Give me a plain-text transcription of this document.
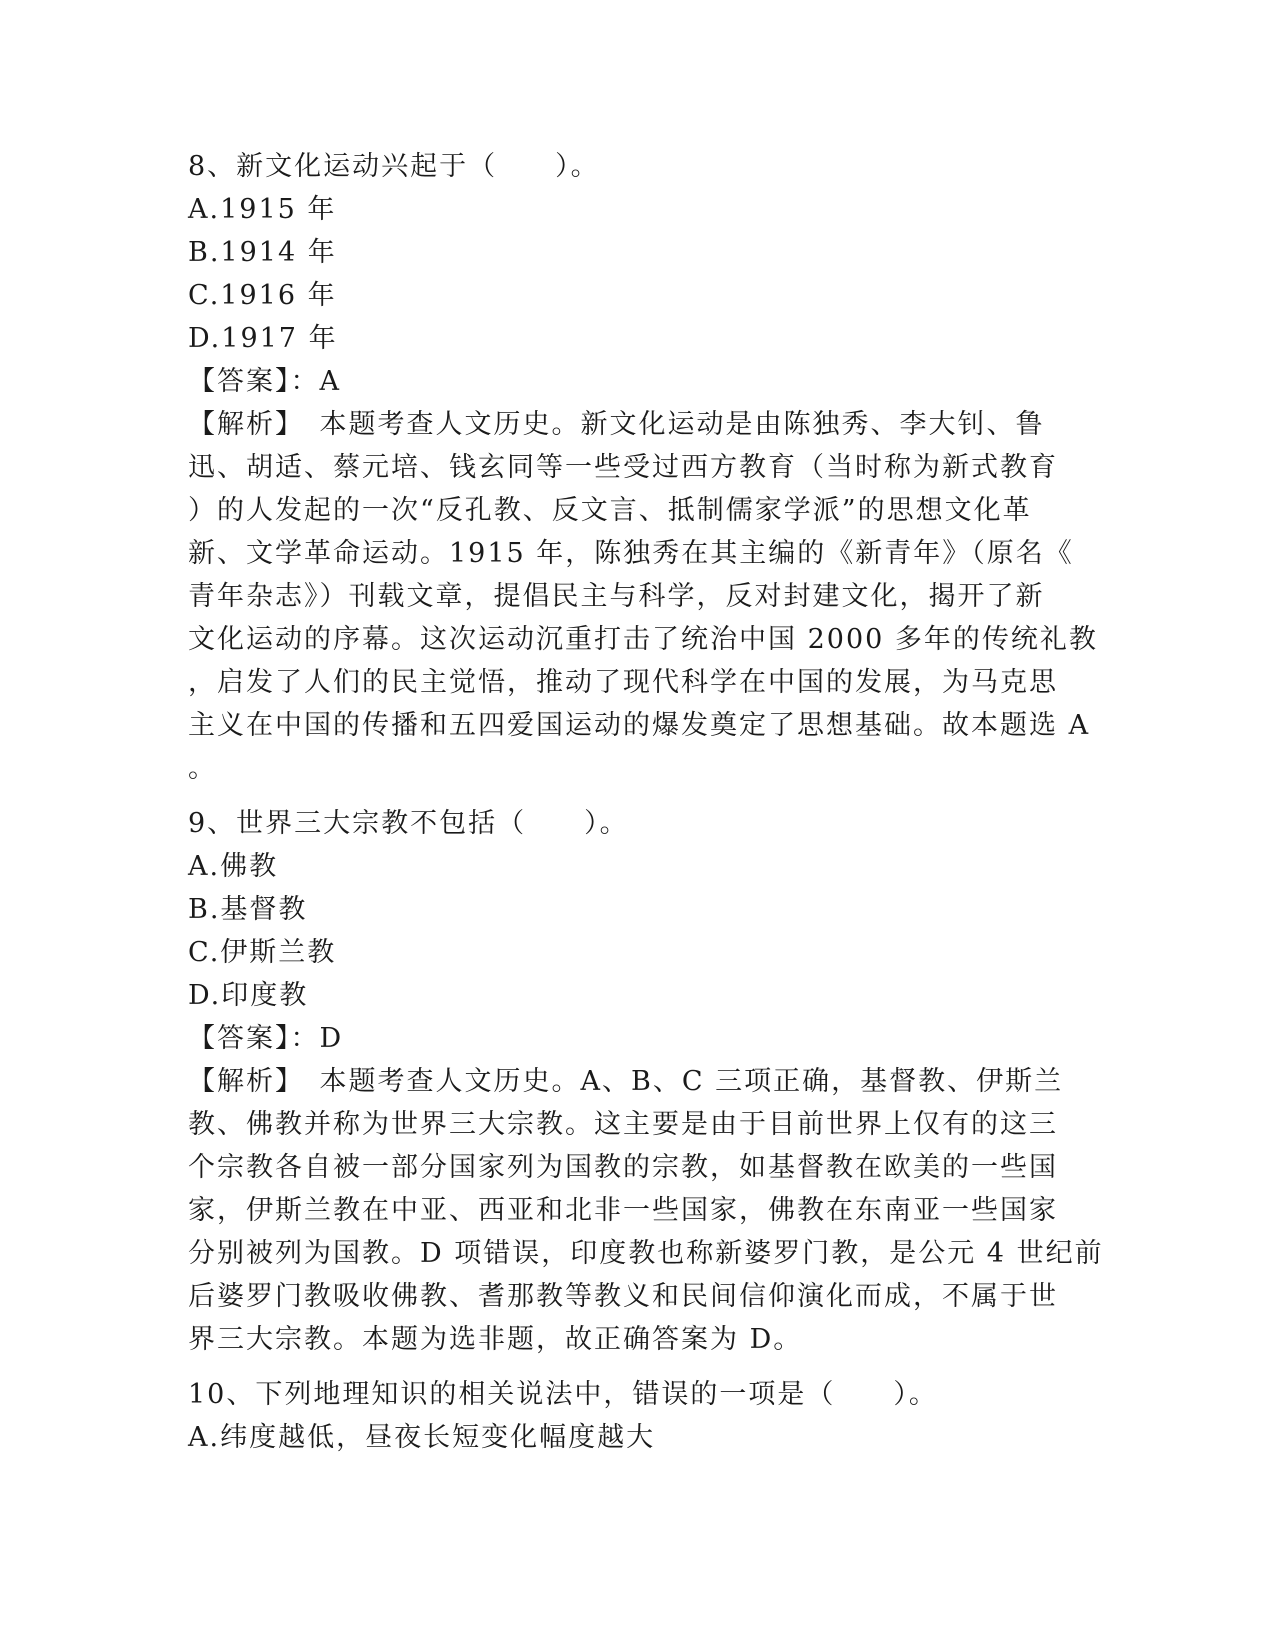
8、新文化运动兴起于（　　）。
A.1915 年
B.1914 年
C.1916 年
D.1917 年
【答案】：A
【解析】　本题考查人文历史。新文化运动是由陈独秀、李大钊、鲁
迅、胡适、蔡元培、钱玄同等一些受过西方教育（当时称为新式教育
）的人发起的一次“反孔教、反文言、抵制儒家学派”的思想文化革
新、文学革命运动。1915 年，陈独秀在其主编的《新青年》（原名《
青年杂志》）刊载文章，提倡民主与科学，反对封建文化，揭开了新
文化运动的序幕。这次运动沉重打击了统治中国 2000 多年的传统礼教
，启发了人们的民主觉悟，推动了现代科学在中国的发展，为马克思
主义在中国的传播和五四爱国运动的爆发奠定了思想基础。故本题选 A
。
9、世界三大宗教不包括（　　）。
A.佛教
B.基督教
C.伊斯兰教
D.印度教
【答案】：D
【解析】　本题考查人文历史。A、B、C 三项正确，基督教、伊斯兰
教、佛教并称为世界三大宗教。这主要是由于目前世界上仅有的这三
个宗教各自被一部分国家列为国教的宗教，如基督教在欧美的一些国
家，伊斯兰教在中亚、西亚和北非一些国家，佛教在东南亚一些国家
分别被列为国教。D 项错误，印度教也称新婆罗门教，是公元 4 世纪前
后婆罗门教吸收佛教、耆那教等教义和民间信仰演化而成，不属于世
界三大宗教。本题为选非题，故正确答案为 D。
10、下列地理知识的相关说法中，错误的一项是（　　）。
A.纬度越低，昼夜长短变化幅度越大
